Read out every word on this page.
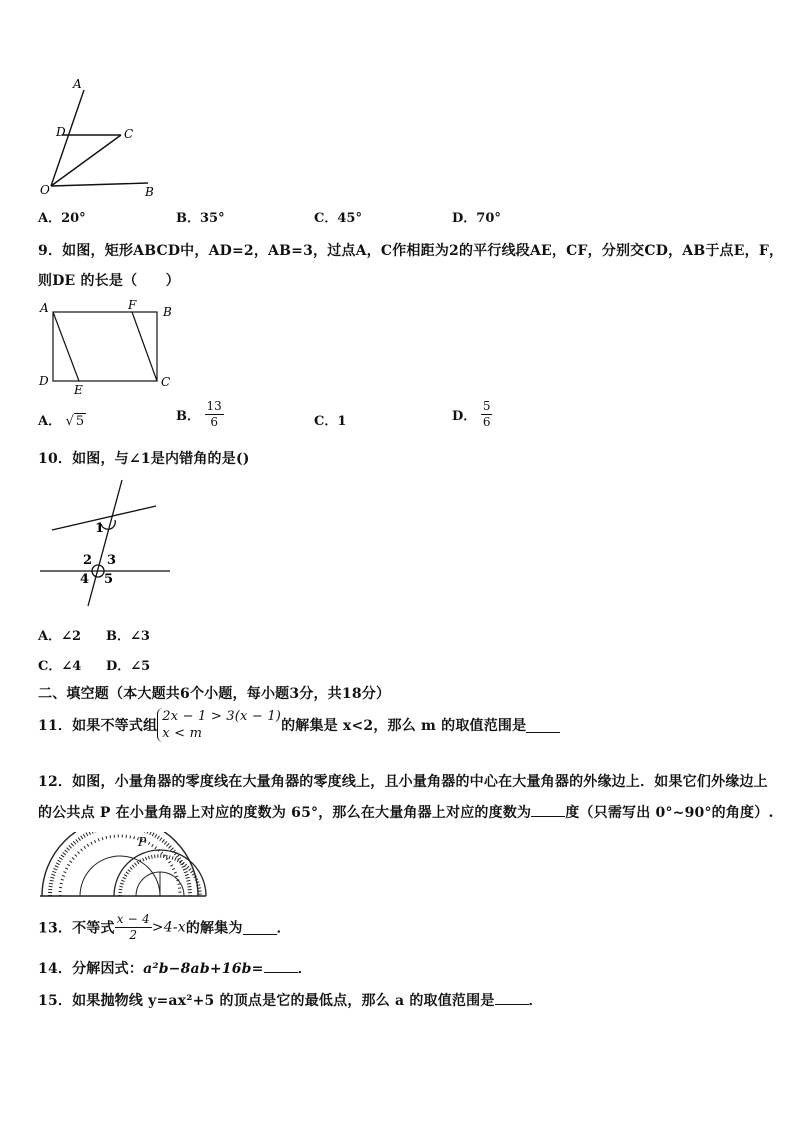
A
D	C
O	B
A．20°	B．35°	C．45°	D．70°
9．如图，矩形ABCD中，AD=2，AB=3，过点A，C作相距为2的平行线段AE，CF，分别交CD，AB于点E，F，
则DE 的长是（　　）
A	F B
D
E
C
A． √ 5	B． $\frac{13}{6}$	C．1	D． $\frac{5}{6}$
10．如图，与∠1是内错角的是()
1
2 3
4 5
A．∠2 B．∠3
C．∠4 D．∠5
二、填空题（本大题共6个小题，每小题3分，共18分）
11．如果不等式组
2x − 1 > 3(x − 1)
x < m	的解集是 x<2，那么 m 的取值范围是
12．如图，小量角器的零度线在大量角器的零度线上，且小量角器的中心在大量角器的外缘边上．如果它们外缘边上
的公共点 P 在小量角器上对应的度数为 65°，那么在大量角器上对应的度数为 度（只需写出 0°~90°的角度）.
P
13．不等式 $\frac{x - 4}{2} >4-x$的解集为 ．
14．分解因式：a²b−8ab+16b= ．
15．如果抛物线 y=ax²+5 的顶点是它的最低点，那么 a 的取值范围是 ．
